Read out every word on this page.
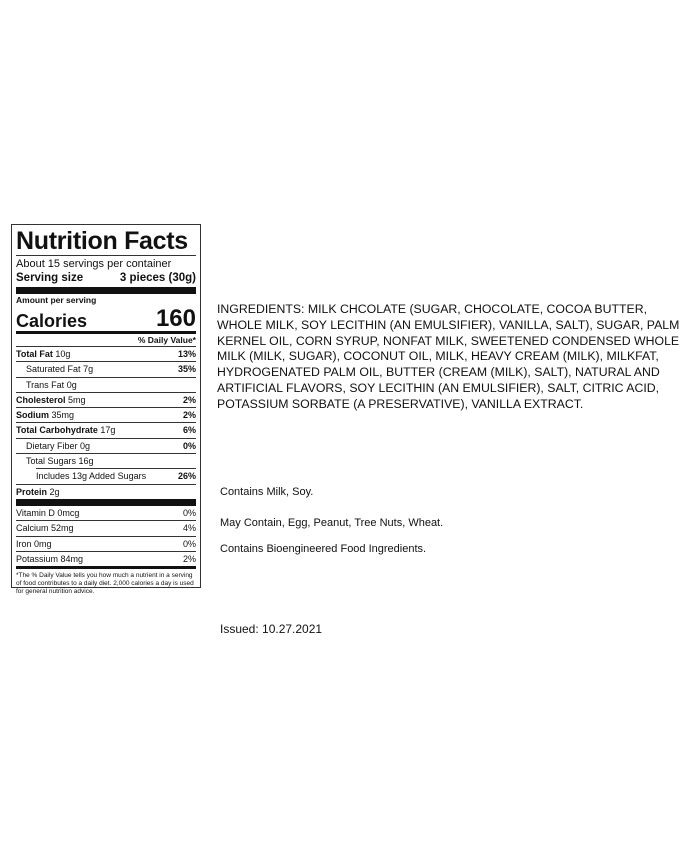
Nutrition Facts
About 15 servings per container
Serving size	3 pieces (30g)
Amount per serving
Calories	160
% Daily Value*
Total Fat 10g	13%
Saturated Fat 7g	35%
Trans Fat 0g
Cholesterol 5mg	2%
Sodium 35mg	2%
Total Carbohydrate 17g	6%
Dietary Fiber 0g	0%
Total Sugars 16g
Includes 13g Added Sugars	26%
Protein 2g
Vitamin D 0mcg	0%
Calcium 52mg	4%
Iron 0mg	0%
Potassium 84mg	2%
*The % Daily Value tells you how much a nutrient in a serving of food contributes to a daily diet. 2,000 calories a day is used for general nutrition advice.
INGREDIENTS: MILK CHCOLATE (SUGAR, CHOCOLATE, COCOA BUTTER, WHOLE MILK, SOY LECITHIN (AN EMULSIFIER), VANILLA, SALT), SUGAR, PALM KERNEL OIL, CORN SYRUP, NONFAT MILK, SWEETENED CONDENSED WHOLE MILK (MILK, SUGAR), COCONUT OIL, MILK, HEAVY CREAM (MILK), MILKFAT, HYDROGENATED PALM OIL, BUTTER (CREAM (MILK), SALT), NATURAL AND ARTIFICIAL FLAVORS, SOY LECITHIN (AN EMULSIFIER), SALT, CITRIC ACID, POTASSIUM SORBATE (A PRESERVATIVE), VANILLA EXTRACT.
Contains Milk, Soy.
May Contain, Egg, Peanut, Tree Nuts, Wheat.
Contains Bioengineered Food Ingredients.
Issued: 10.27.2021
